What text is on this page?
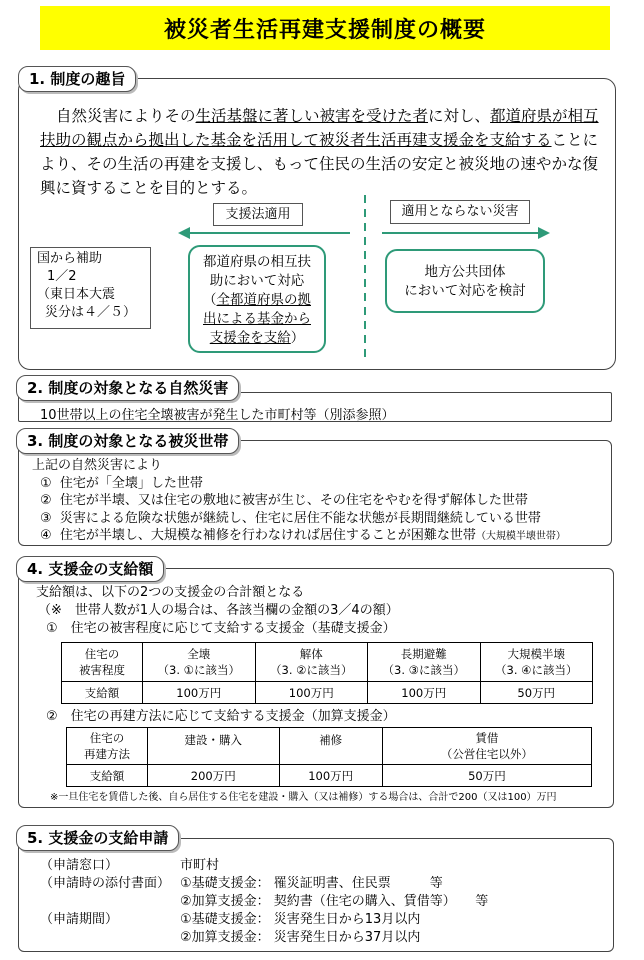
被災者生活再建支援制度の概要
1. 制度の趣旨
自然災害によりその生活基盤に著しい被害を受けた者に対し、都道府県が相互扶助の観点から拠出した基金を活用して被災者生活再建支援金を支給することにより、その生活の再建を支援し、もって住民の生活の安定と被災地の速やかな復興に資することを目的とする。
支援法適用	適用とならない災害
国から補助
1／2
（東日本大震
災分は４／５）
都道府県の相互扶助において対応
（全都道府県の拠出による基金から支援金を支給）
地方公共団体
において対応を検討
2. 制度の対象となる自然災害
10世帯以上の住宅全壊被害が発生した市町村等（別添参照）
3. 制度の対象となる被災世帯
上記の自然災害により
① 住宅が「全壊」した世帯
② 住宅が半壊、又は住宅の敷地に被害が生じ、その住宅をやむを得ず解体した世帯
③ 災害による危険な状態が継続し、住宅に居住不能な状態が長期間継続している世帯
④ 住宅が半壊し、大規模な補修を行わなければ居住することが困難な世帯（大規模半壊世帯）
4. 支援金の支給額
支給額は、以下の2つの支援金の合計額となる
（※　世帯人数が1人の場合は、各該当欄の金額の3／4の額）
①　住宅の被害程度に応じて支給する支援金（基礎支援金）
住宅の
被害程度	全壊
（3. ①に該当）	解体
（3. ②に該当）	長期避難
（3. ③に該当）	大規模半壊
（3. ④に該当）
支給額	100万円	100万円	100万円	50万円
②　住宅の再建方法に応じて支給する支援金（加算支援金）
住宅の
再建方法	建設・購入	補修	賃借
（公営住宅以外）
支給額	200万円	100万円	50万円
※一旦住宅を賃借した後、自ら居住する住宅を建設・購入（又は補修）する場合は、合計で200（又は100）万円
5. 支援金の支給申請
（申請窓口）	市町村
（申請時の添付書面） ①基礎支援金： 罹災証明書、住民票　　　等
②加算支援金： 契約書（住宅の購入、賃借等）　　等
（申請期間）	①基礎支援金： 災害発生日から13月以内
②加算支援金： 災害発生日から37月以内
